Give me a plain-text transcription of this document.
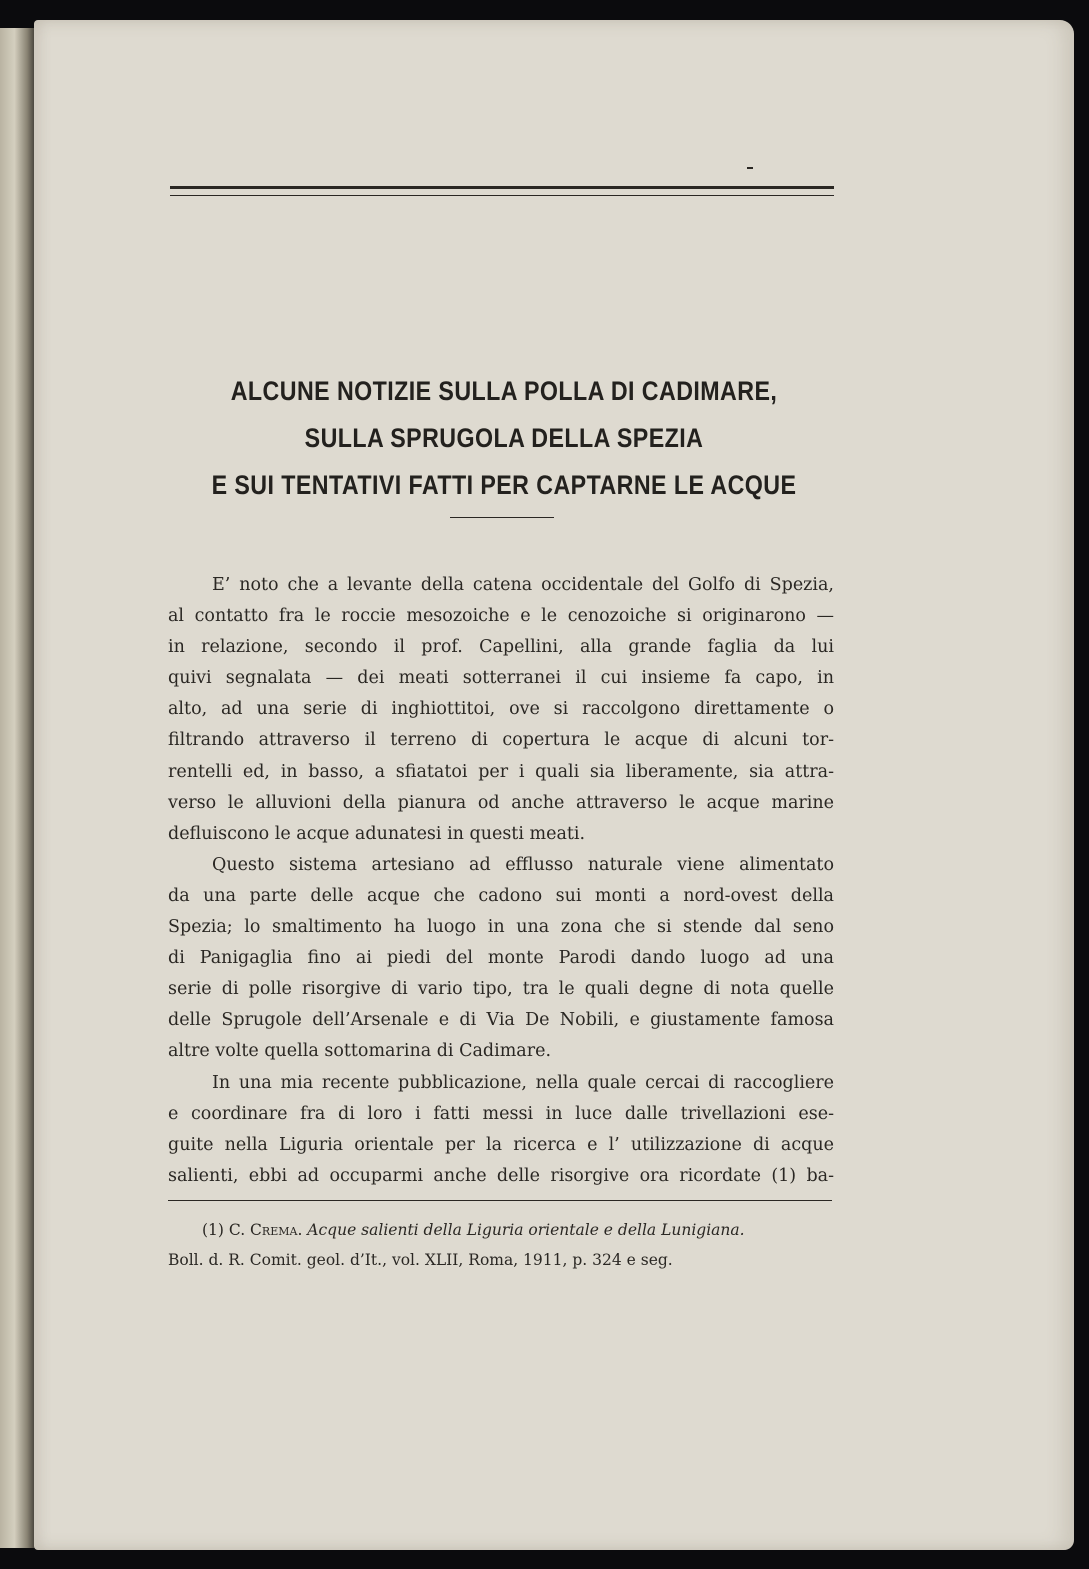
ALCUNE NOTIZIE SULLA POLLA DI CADIMARE,
SULLA SPRUGOLA DELLA SPEZIA
E SUI TENTATIVI FATTI PER CAPTARNE LE ACQUE

E’ noto che a levante della catena occidentale del Golfo di Spezia,
al contatto fra le roccie mesozoiche e le cenozoiche si originarono —
in relazione, secondo il prof. Capellini, alla grande faglia da lui
quivi segnalata — dei meati sotterranei il cui insieme fa capo, in
alto, ad una serie di inghiottitoi, ove si raccolgono direttamente o
filtrando attraverso il terreno di copertura le acque di alcuni tor-
rentelli ed, in basso, a sfiatatoi per i quali sia liberamente, sia attra-
verso le alluvioni della pianura od anche attraverso le acque marine
defluiscono le acque adunatesi in questi meati.

Questo sistema artesiano ad efflusso naturale viene alimentato
da una parte delle acque che cadono sui monti a nord-ovest della
Spezia; lo smaltimento ha luogo in una zona che si stende dal seno
di Panigaglia fino ai piedi del monte Parodi dando luogo ad una
serie di polle risorgive di vario tipo, tra le quali degne di nota quelle
delle Sprugole dell’Arsenale e di Via De Nobili, e giustamente famosa
altre volte quella sottomarina di Cadimare.

In una mia recente pubblicazione, nella quale cercai di raccogliere
e coordinare fra di loro i fatti messi in luce dalle trivellazioni ese-
guite nella Liguria orientale per la ricerca e l’ utilizzazione di acque
salienti, ebbi ad occuparmi anche delle risorgive ora ricordate (1) ba-

(1) C. Crema. Acque salienti della Liguria orientale e della Lunigiana.
Boll. d. R. Comit. geol. d’It., vol. XLII, Roma, 1911, p. 324 e seg.
